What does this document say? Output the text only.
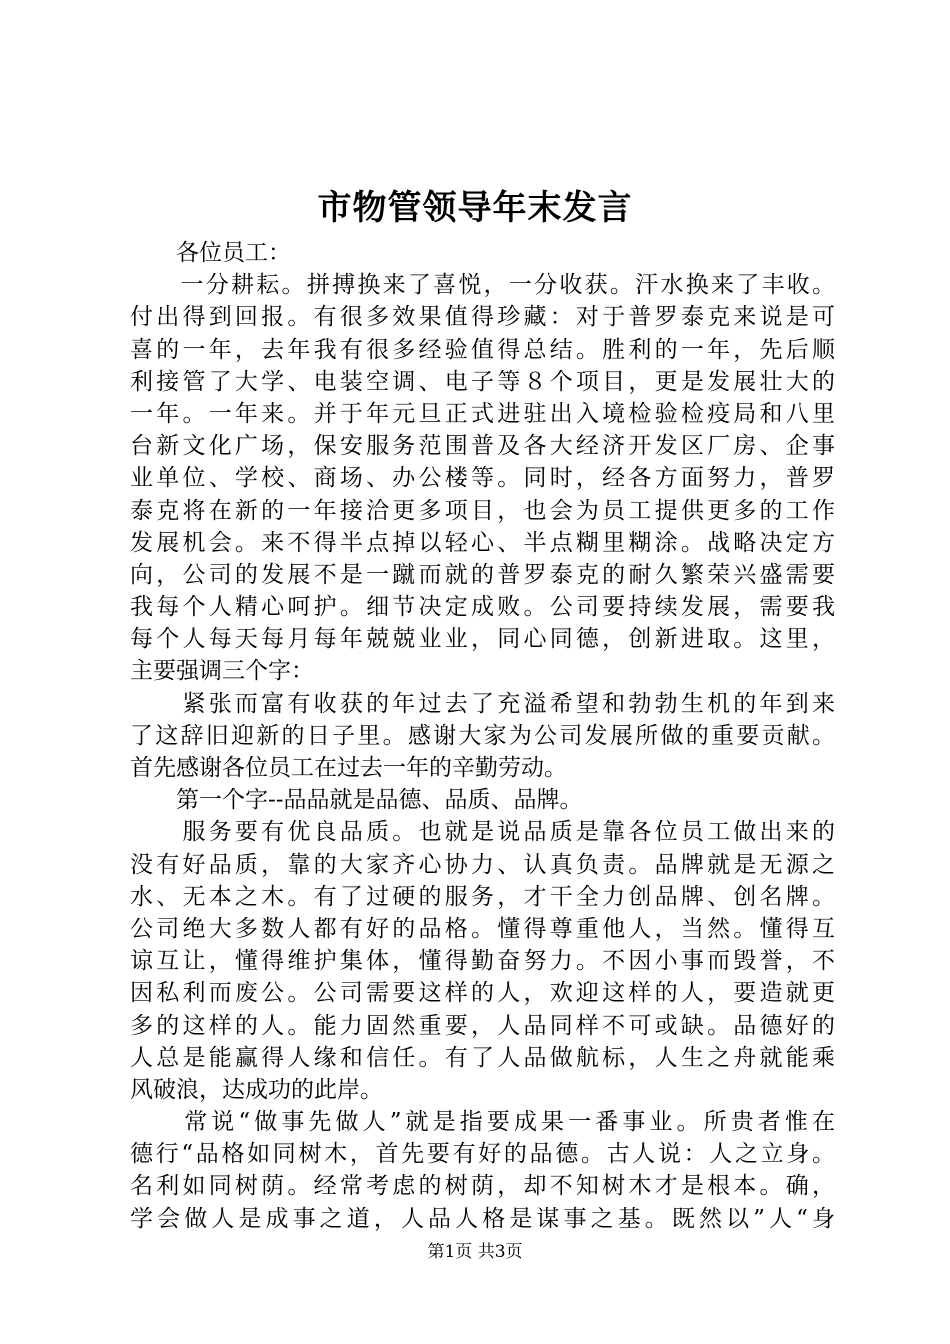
市物管领导年末发言
　　各位员工：
　　一分耕耘。拼搏换来了喜悦，一分收获。汗水换来了丰收。
付出得到回报。有很多效果值得珍藏：对于普罗泰克来说是可
喜的一年，去年我有很多经验值得总结。胜利的一年，先后顺
利接管了大学、电装空调、电子等８个项目，更是发展壮大的
一年。一年来。并于年元旦正式进驻出入境检验检疫局和八里
台新文化广场，保安服务范围普及各大经济开发区厂房、企事
业单位、学校、商场、办公楼等。同时，经各方面努力，普罗
泰克将在新的一年接洽更多项目，也会为员工提供更多的工作
发展机会。来不得半点掉以轻心、半点糊里糊涂。战略决定方
向，公司的发展不是一蹴而就的普罗泰克的耐久繁荣兴盛需要
我每个人精心呵护。细节决定成败。公司要持续发展，需要我
每个人每天每月每年兢兢业业，同心同德，创新进取。这里，
主要强调三个字：
　　紧张而富有收获的年过去了充溢希望和勃勃生机的年到来
了这辞旧迎新的日子里。感谢大家为公司发展所做的重要贡献。
首先感谢各位员工在过去一年的辛勤劳动。
　　第一个字--品品就是品德、品质、品牌。
　　服务要有优良品质。也就是说品质是靠各位员工做出来的
没有好品质，靠的大家齐心协力、认真负责。品牌就是无源之
水、无本之木。有了过硬的服务，才干全力创品牌、创名牌。
公司绝大多数人都有好的品格。懂得尊重他人，当然。懂得互
谅互让，懂得维护集体，懂得勤奋努力。不因小事而毁誉，不
因私利而废公。公司需要这样的人，欢迎这样的人，要造就更
多的这样的人。能力固然重要，人品同样不可或缺。品德好的
人总是能赢得人缘和信任。有了人品做航标，人生之舟就能乘
风破浪，达成功的此岸。
　　常说“做事先做人”就是指要成果一番事业。所贵者惟在
德行“品格如同树木，首先要有好的品德。古人说：人之立身。
名利如同树荫。经常考虑的树荫，却不知树木才是根本。确，
学会做人是成事之道，人品人格是谋事之基。既然以”人“身
第1页 共3页
